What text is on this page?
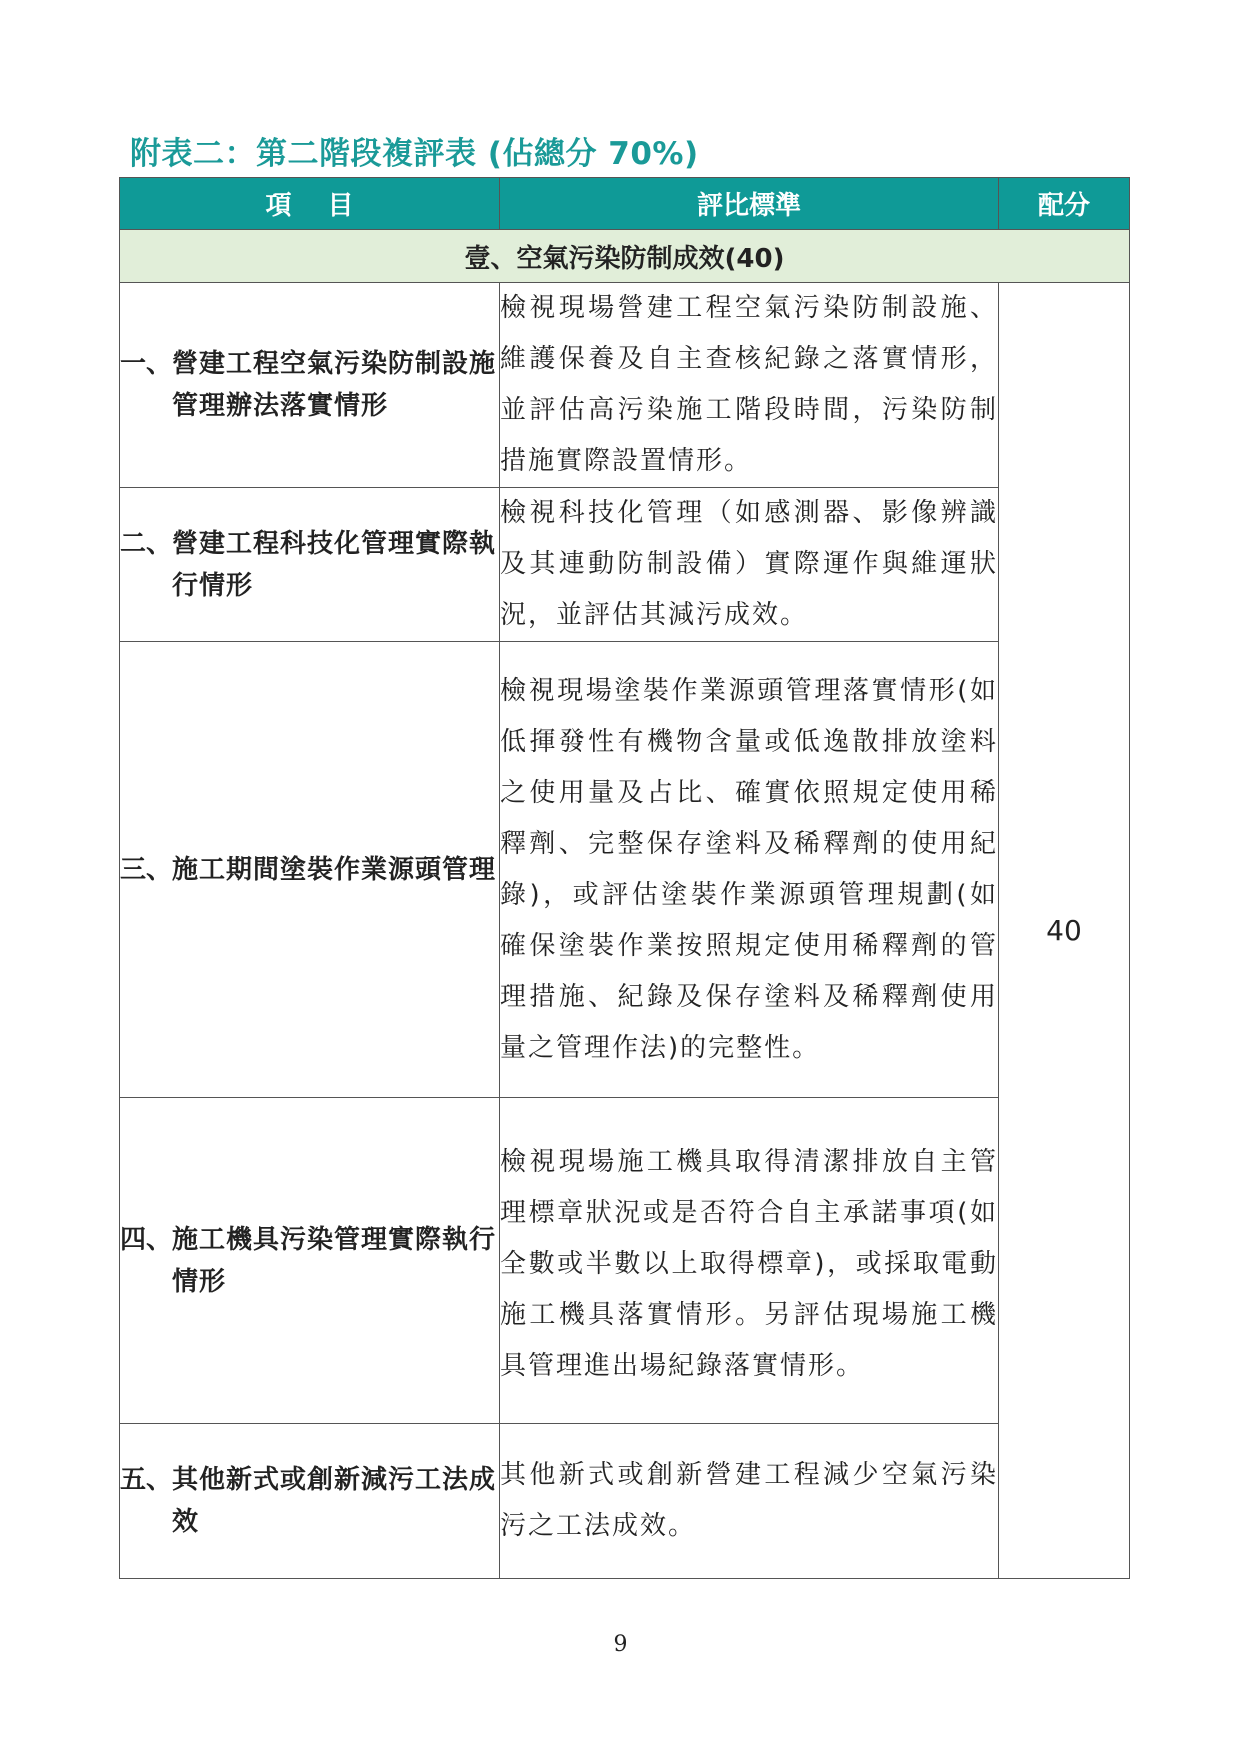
附表二：第二階段複評表 (佔總分 70%)
項目	評比標準	配分
壹、空氣污染防制成效(40)		

一、 營建工程空氣污染防制設施管理辦法落實情形	檢視現場營建工程空氣污染防制設施、維護保養及自主查核紀錄之落實情形，並評估高污染施工階段時間，污染防制措施實際設置情形。	40

二、 營建工程科技化管理實際執行情形	檢視科技化管理（如感測器、影像辨識及其連動防制設備）實際運作與維運狀況，並評估其減污成效。	

三、 施工期間塗裝作業源頭管理	檢視現場塗裝作業源頭管理落實情形(如低揮發性有機物含量或低逸散排放塗料之使用量及占比、確實依照規定使用稀釋劑、完整保存塗料及稀釋劑的使用紀錄)，或評估塗裝作業源頭管理規劃(如確保塗裝作業按照規定使用稀釋劑的管理措施、紀錄及保存塗料及稀釋劑使用量之管理作法)的完整性。	

四、 施工機具污染管理實際執行情形	檢視現場施工機具取得清潔排放自主管理標章狀況或是否符合自主承諾事項(如全數或半數以上取得標章)，或採取電動施工機具落實情形。另評估現場施工機具管理進出場紀錄落實情形。	

五、 其他新式或創新減污工法成效	其他新式或創新營建工程減少空氣污染污之工法成效。	
9
